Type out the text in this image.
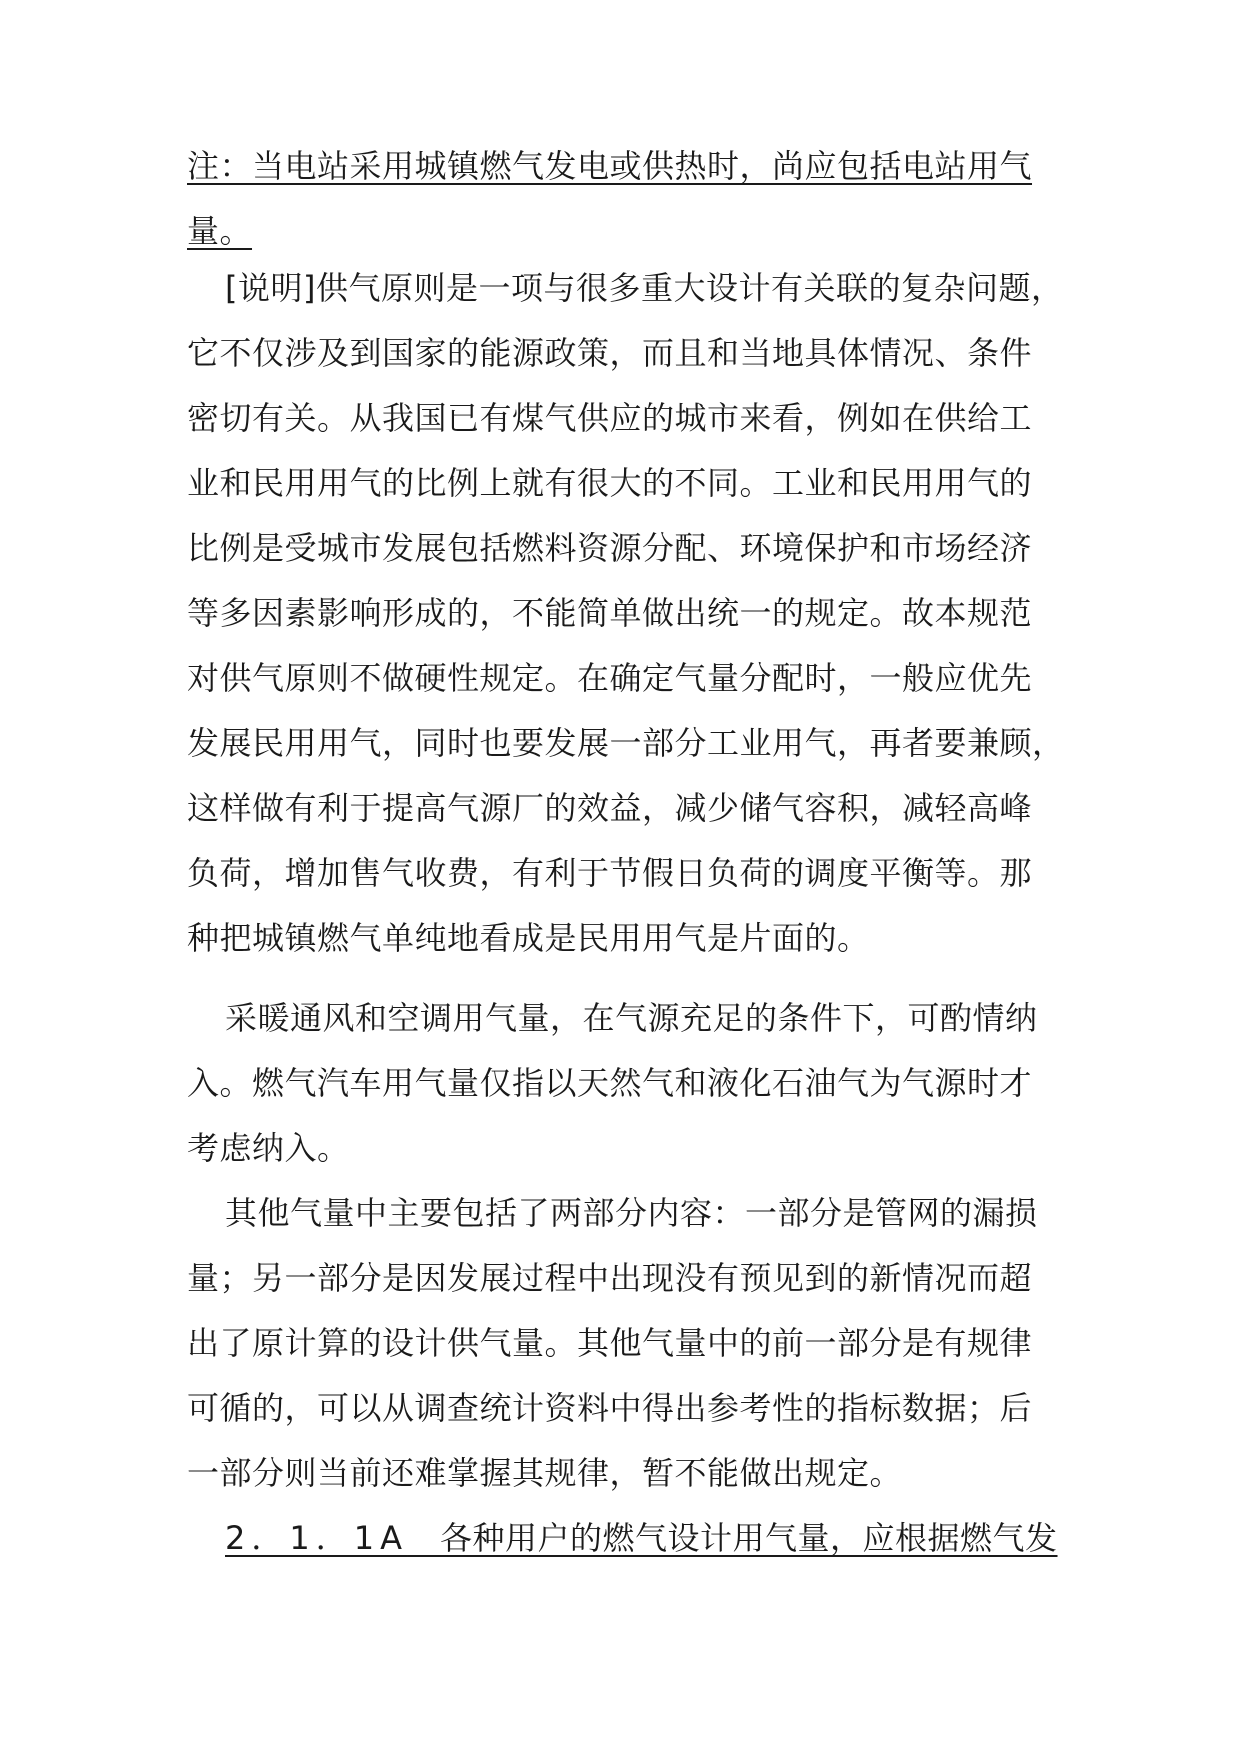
注：当电站采用城镇燃气发电或供热时，尚应包括电站用气
量。
[说明]供气原则是一项与很多重大设计有关联的复杂问题，
它不仅涉及到国家的能源政策，而且和当地具体情况、条件
密切有关。从我国已有煤气供应的城市来看，例如在供给工
业和民用用气的比例上就有很大的不同。工业和民用用气的
比例是受城市发展包括燃料资源分配、环境保护和市场经济
等多因素影响形成的，不能简单做出统一的规定。故本规范
对供气原则不做硬性规定。在确定气量分配时，一般应优先
发展民用用气，同时也要发展一部分工业用气，再者要兼顾，
这样做有利于提高气源厂的效益，减少储气容积，减轻高峰
负荷，增加售气收费，有利于节假日负荷的调度平衡等。那
种把城镇燃气单纯地看成是民用用气是片面的。
采暖通风和空调用气量，在气源充足的条件下，可酌情纳
入。燃气汽车用气量仅指以天然气和液化石油气为气源时才
考虑纳入。
其他气量中主要包括了两部分内容：一部分是管网的漏损
量；另一部分是因发展过程中出现没有预见到的新情况而超
出了原计算的设计供气量。其他气量中的前一部分是有规律
可循的，可以从调查统计资料中得出参考性的指标数据；后
一部分则当前还难掌握其规律，暂不能做出规定。
2．1．1A 各种用户的燃气设计用气量，应根据燃气发
